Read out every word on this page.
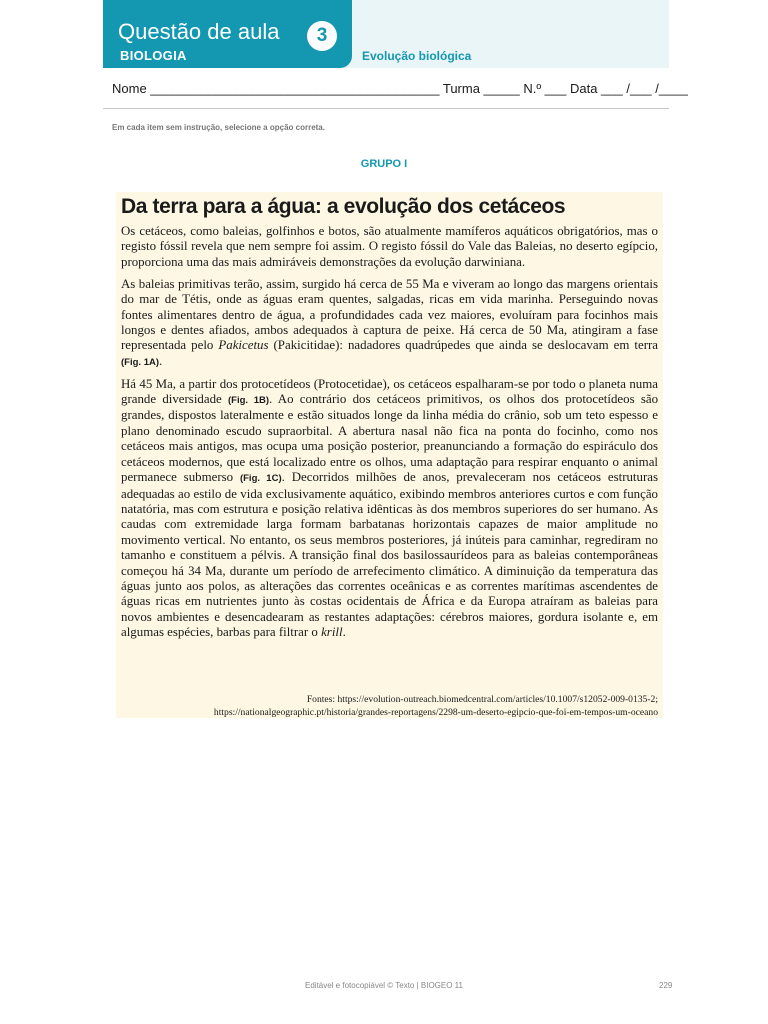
Questão de aula	3
BIOLOGIA	Evolução biológica
Nome ________________________________________ Turma _____ N.º ___ Data ___ /___ /____
Em cada item sem instrução, selecione a opção correta.
GRUPO I
Da terra para a água: a evolução dos cetáceos

Os cetáceos, como baleias, golfinhos e botos, são atualmente mamíferos aquáticos obrigatórios, mas o registo fóssil revela que nem sempre foi assim. O registo fóssil do Vale das Baleias, no deserto egípcio, proporciona uma das mais admiráveis demonstrações da evolução darwiniana.

As baleias primitivas terão, assim, surgido há cerca de 55 Ma e viveram ao longo das margens orientais do mar de Tétis, onde as águas eram quentes, salgadas, ricas em vida marinha. Perseguindo novas fontes alimentares dentro de água, a profundidades cada vez maiores, evoluíram para focinhos mais longos e dentes afiados, ambos adequados à captura de peixe. Há cerca de 50 Ma, atingiram a fase representada pelo Pakicetus (Pakicitidae): nadadores quadrúpedes que ainda se deslocavam em terra (Fig. 1A).

Há 45 Ma, a partir dos protocetídeos (Protocetidae), os cetáceos espalharam-se por todo o planeta numa grande diversidade (Fig. 1B). Ao contrário dos cetáceos primitivos, os olhos dos protocetídeos são grandes, dispostos lateralmente e estão situados longe da linha média do crânio, sob um teto espesso e plano denominado escudo supraorbital. A abertura nasal não fica na ponta do focinho, como nos cetáceos mais antigos, mas ocupa uma posição posterior, preanunciando a formação do espiráculo dos cetáceos modernos, que está localizado entre os olhos, uma adaptação para respirar enquanto o animal permanece submerso (Fig. 1C). Decorridos milhões de anos, prevaleceram nos cetáceos estruturas adequadas ao estilo de vida exclusivamente aquático, exibindo membros anteriores curtos e com função natatória, mas com estrutura e posição relativa idênticas às dos membros superiores do ser humano. As caudas com extremidade larga formam barbatanas horizontais capazes de maior amplitude no movimento vertical. No entanto, os seus membros posteriores, já inúteis para caminhar, regrediram no tamanho e constituem a pélvis. A transição final dos basilossaurídeos para as baleias contemporâneas começou há 34 Ma, durante um período de arrefecimento climático. A diminuição da temperatura das águas junto aos polos, as alterações das correntes oceânicas e as correntes marítimas ascendentes de águas ricas em nutrientes junto às costas ocidentais de África e da Europa atraíram as baleias para novos ambientes e desencadearam as restantes adaptações: cérebros maiores, gordura isolante e, em algumas espécies, barbas para filtrar o krill.

Fontes: https://evolution-outreach.biomedcentral.com/articles/10.1007/s12052-009-0135-2;
https://nationalgeographic.pt/historia/grandes-reportagens/2298-um-deserto-egipcio-que-foi-em-tempos-um-oceano
Editável e fotocopiável © Texto | BIOGEO 11	229
